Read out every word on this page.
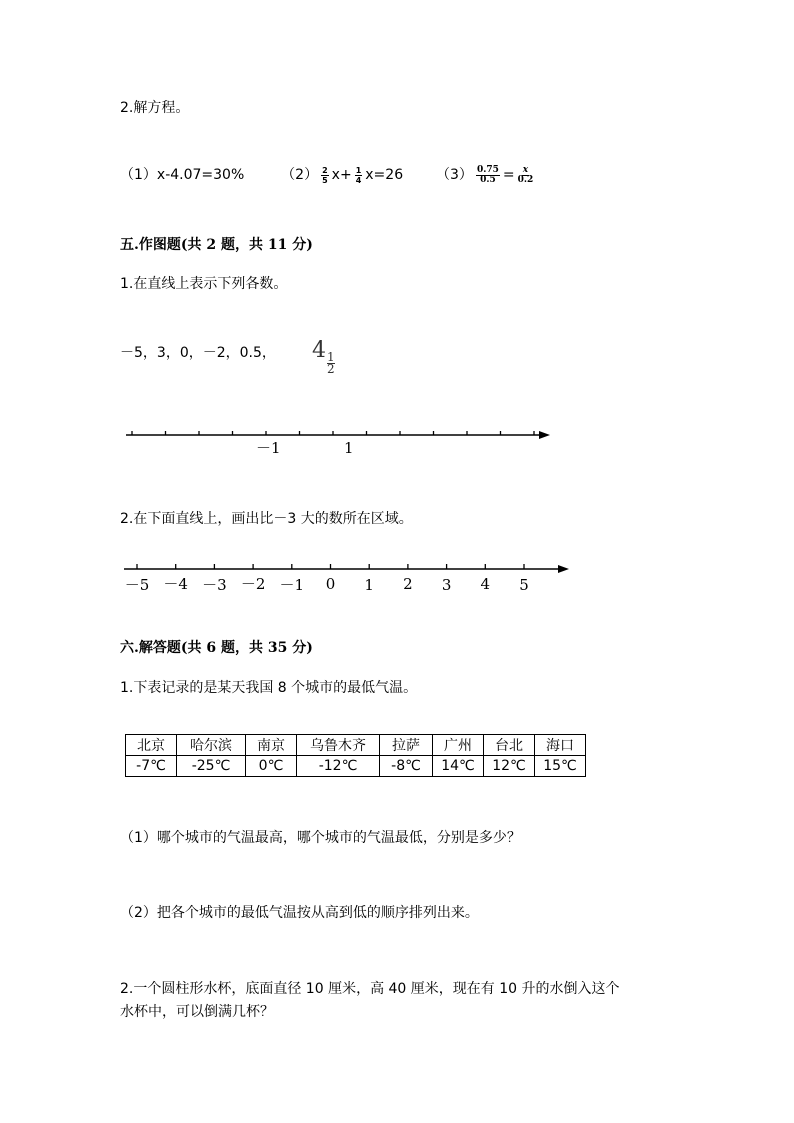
2.解方程。
（1）x-4.07=30%	$(2) \frac{2}{5} x+ \frac{1}{4} x=26$ $(3) \frac{0.75}{0.5} = \frac{x}{0.2}$
五.作图题(共 2 题，共 11 分)
1.在直线上表示下列各数。
－5，3，0，－2，0.5， 4
$\frac{1}{2}$
－1	1
2.在下面直线上，画出比－3 大的数所在区域。
－5 －4 －3 －2 －1 0 1 2 3 4 5
六.解答题(共 6 题，共 35 分)
1.下表记录的是某天我国 8 个城市的最低气温。
北京	哈尔滨	南京	乌鲁木齐	拉萨	广州	台北	海口
-7℃	-25℃	0℃	-12℃	-8℃	14℃	12℃	15℃
（1）哪个城市的气温最高，哪个城市的气温最低，分别是多少？
（2）把各个城市的最低气温按从高到低的顺序排列出来。
2.一个圆柱形水杯，底面直径 10 厘米，高 40 厘米，现在有 10 升的水倒入这个
水杯中，可以倒满几杯？
